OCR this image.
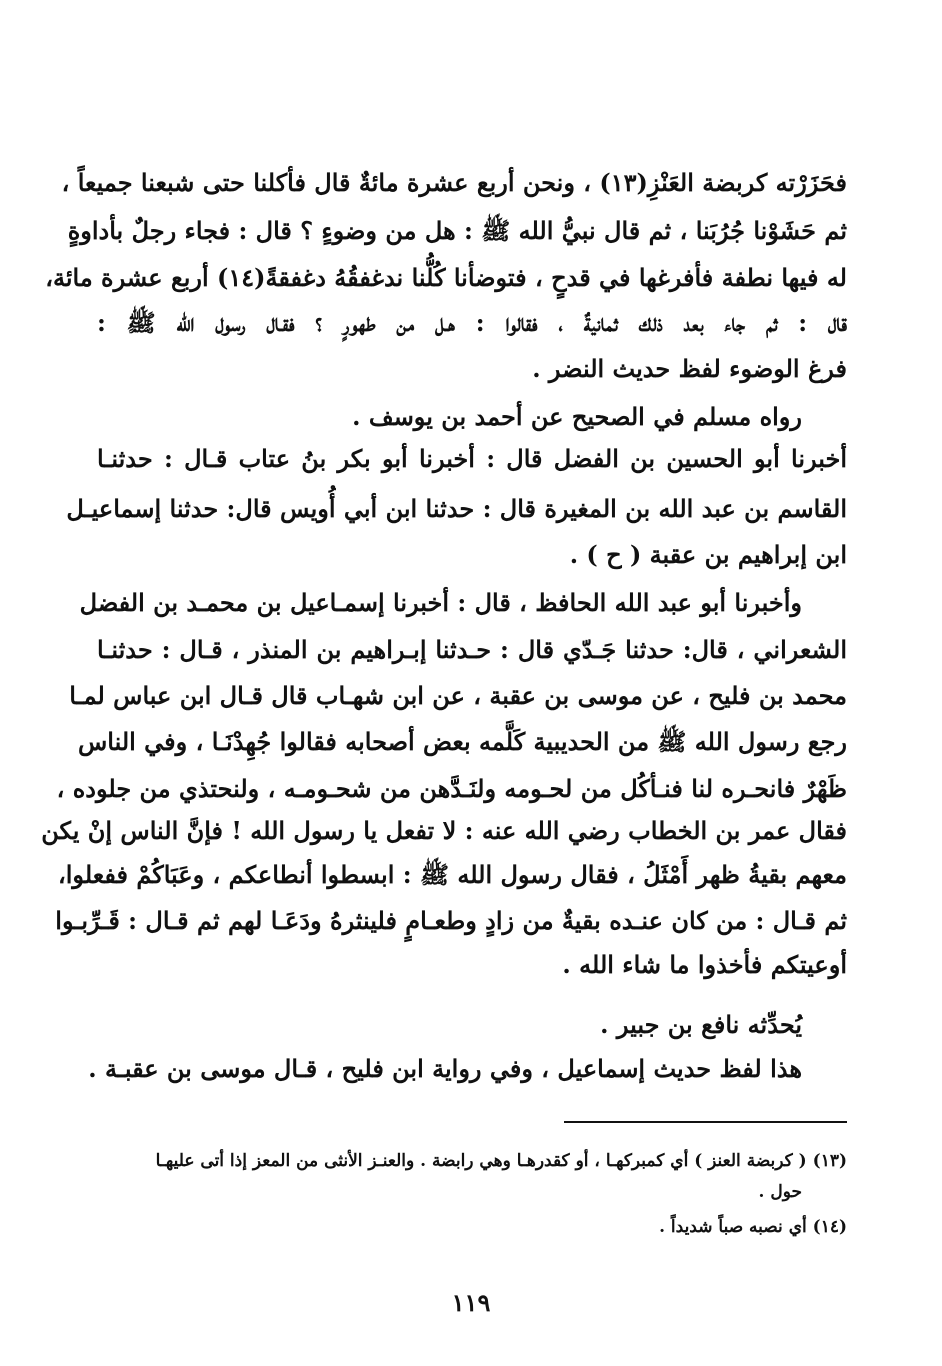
فحَزَرْته كربضة العَنْزِ(١٣) ، ونحن أربع عشرة مائةٌ قال فأكلنا حتى شبعنا جميعاً ،
ثم حَشَوْنا جُرُبَنا ، ثم قال نبيُّ الله ﷺ : هل من وضوءٍ ؟ قال : فجاء رجلٌ بأداوةٍ
له فيها نطفة فأفرغها في قدحٍ ، فتوضأنا كُلُّنا ندغفقُهُ دغفقةً(١٤) أربع عشرة مائة،
قال : ثم جاء بعد ذلك ثمانيةٌ ، فقالوا : هـل من طهورٍ ؟ فقـال رسول الله ﷺ :
فرغ الوضوء لفظ حديث النضر .
رواه مسلم في الصحيح عن أحمد بن يوسف .
أخبرنا أبو الحسين بن الفضل قال : أخبرنا أبو بكر بنُ عتاب قـال : حدثنـا
القاسم بن عبد الله بن المغيرة قال : حدثنا ابن أبي أُويس قال: حدثنا إسماعيـل
ابن إبراهيم بن عقبة ( ح ) .
وأخبرنا أبو عبد الله الحافظ ، قال : أخبرنا إسمـاعيل بن محمـد بن الفضل
الشعراني ، قال: حدثنا جَـدّي قال : حـدثنا إبـراهيم بن المنذر ، قـال : حدثنـا
محمد بن فليح ، عن موسى بن عقبة ، عن ابن شهـاب قال قـال ابن عباس لمـا
رجع رسول الله ﷺ من الحديبية كَلَّمه بعض أصحابه فقالوا جُهِدْنَـا ، وفي الناس
ظَهْرٌ فانحـره لنا فنـأكُل من لحـومه ولنَـدَّهن من شحـومـه ، ولنحتذي من جلوده ،
فقال عمر بن الخطاب رضي الله عنه : لا تفعل يا رسول الله ! فإنَّ الناس إنْ يكن
معهم بقيةُ ظهر أَمْثَلُ ، فقال رسول الله ﷺ : ابسطوا أنطاعكم ، وعَبَاكُمْ ففعلوا،
ثم قـال : من كان عنـده بقيةٌ من زادٍ وطعـامٍ فلينثرهُ ودَعَـا لهم ثم قـال : قَـرِّبـوا
أوعيتكم فأخذوا ما شاء الله .
يُحدِّثه نافع بن جبير .
هذا لفظ حديث إسماعيل ، وفي رواية ابن فليح ، قـال موسى بن عقبـة .
(١٣) ( كربضة العنز ) أي كمبركهـا ، أو كقدرهـا وهي رابضة . والعنـز الأنثى من المعز إذا أتى عليهـا
حول .
(١٤) أي نصبه صباً شديداً .
١١٩
